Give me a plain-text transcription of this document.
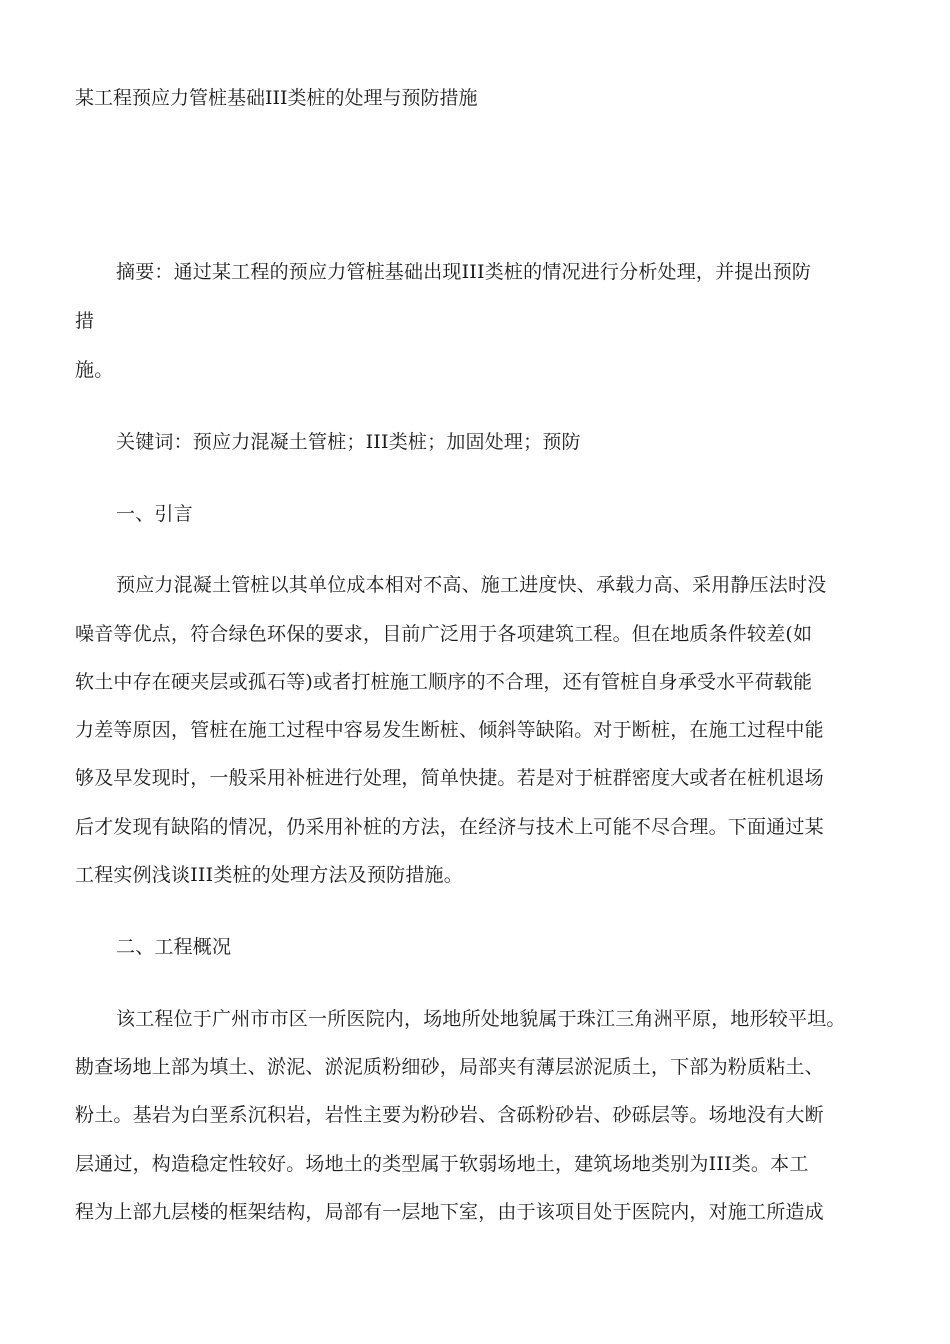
某工程预应力管桩基础III类桩的处理与预防措施
摘要：通过某工程的预应力管桩基础出现III类桩的情况进行分析处理，并提出预防
措
施。
关键词：预应力混凝土管桩；III类桩；加固处理；预防
一、引言
预应力混凝土管桩以其单位成本相对不高、施工进度快、承载力高、采用静压法时没
噪音等优点，符合绿色环保的要求，目前广泛用于各项建筑工程。但在地质条件较差(如
软土中存在硬夹层或孤石等)或者打桩施工顺序的不合理，还有管桩自身承受水平荷载能
力差等原因，管桩在施工过程中容易发生断桩、倾斜等缺陷。对于断桩，在施工过程中能
够及早发现时，一般采用补桩进行处理，简单快捷。若是对于桩群密度大或者在桩机退场
后才发现有缺陷的情况，仍采用补桩的方法，在经济与技术上可能不尽合理。下面通过某
工程实例浅谈III类桩的处理方法及预防措施。
二、工程概况
该工程位于广州市市区一所医院内，场地所处地貌属于珠江三角洲平原，地形较平坦。
勘查场地上部为填土、淤泥、淤泥质粉细砂，局部夹有薄层淤泥质土，下部为粉质粘土、
粉土。基岩为白垩系沉积岩，岩性主要为粉砂岩、含砾粉砂岩、砂砾层等。场地没有大断
层通过，构造稳定性较好。场地土的类型属于软弱场地土，建筑场地类别为III类。本工
程为上部九层楼的框架结构，局部有一层地下室，由于该项目处于医院内，对施工所造成
